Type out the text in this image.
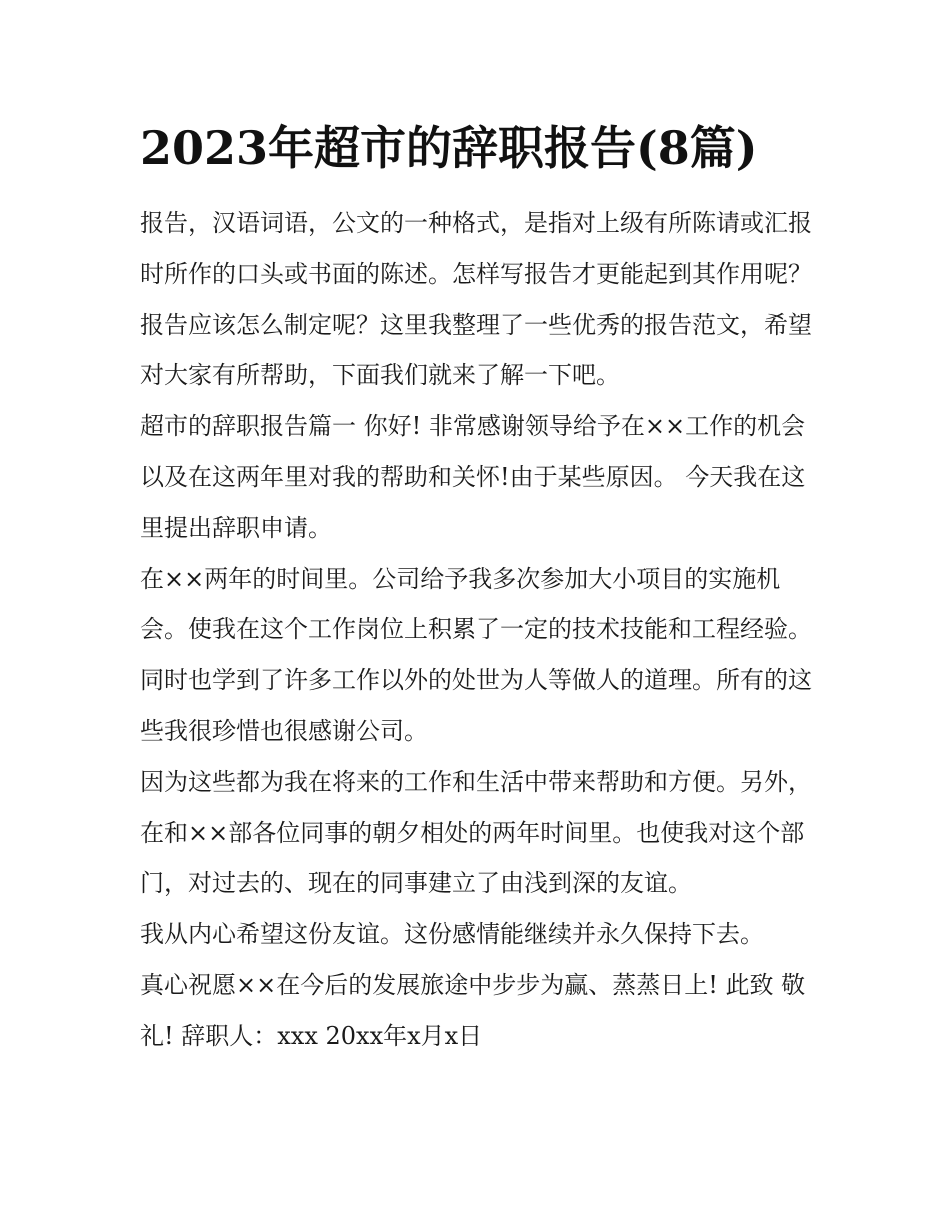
2023年超市的辞职报告(8篇)

报告，汉语词语，公文的一种格式，是指对上级有所陈请或汇报时所作的口头或书面的陈述。怎样写报告才更能起到其作用呢？报告应该怎么制定呢？这里我整理了一些优秀的报告范文，希望对大家有所帮助，下面我们就来了解一下吧。

超市的辞职报告篇一 你好! 非常感谢领导给予在××工作的机会以及在这两年里对我的帮助和关怀!由于某些原因。 今天我在这里提出辞职申请。

在××两年的时间里。公司给予我多次参加大小项目的实施机会。使我在这个工作岗位上积累了一定的技术技能和工程经验。

同时也学到了许多工作以外的处世为人等做人的道理。所有的这些我很珍惜也很感谢公司。

因为这些都为我在将来的工作和生活中带来帮助和方便。另外，在和××部各位同事的朝夕相处的两年时间里。也使我对这个部门，对过去的、现在的同事建立了由浅到深的友谊。

我从内心希望这份友谊。这份感情能继续并永久保持下去。

真心祝愿××在今后的发展旅途中步步为赢、蒸蒸日上! 此致 敬礼! 辞职人：xxx 20xx年x月x日
